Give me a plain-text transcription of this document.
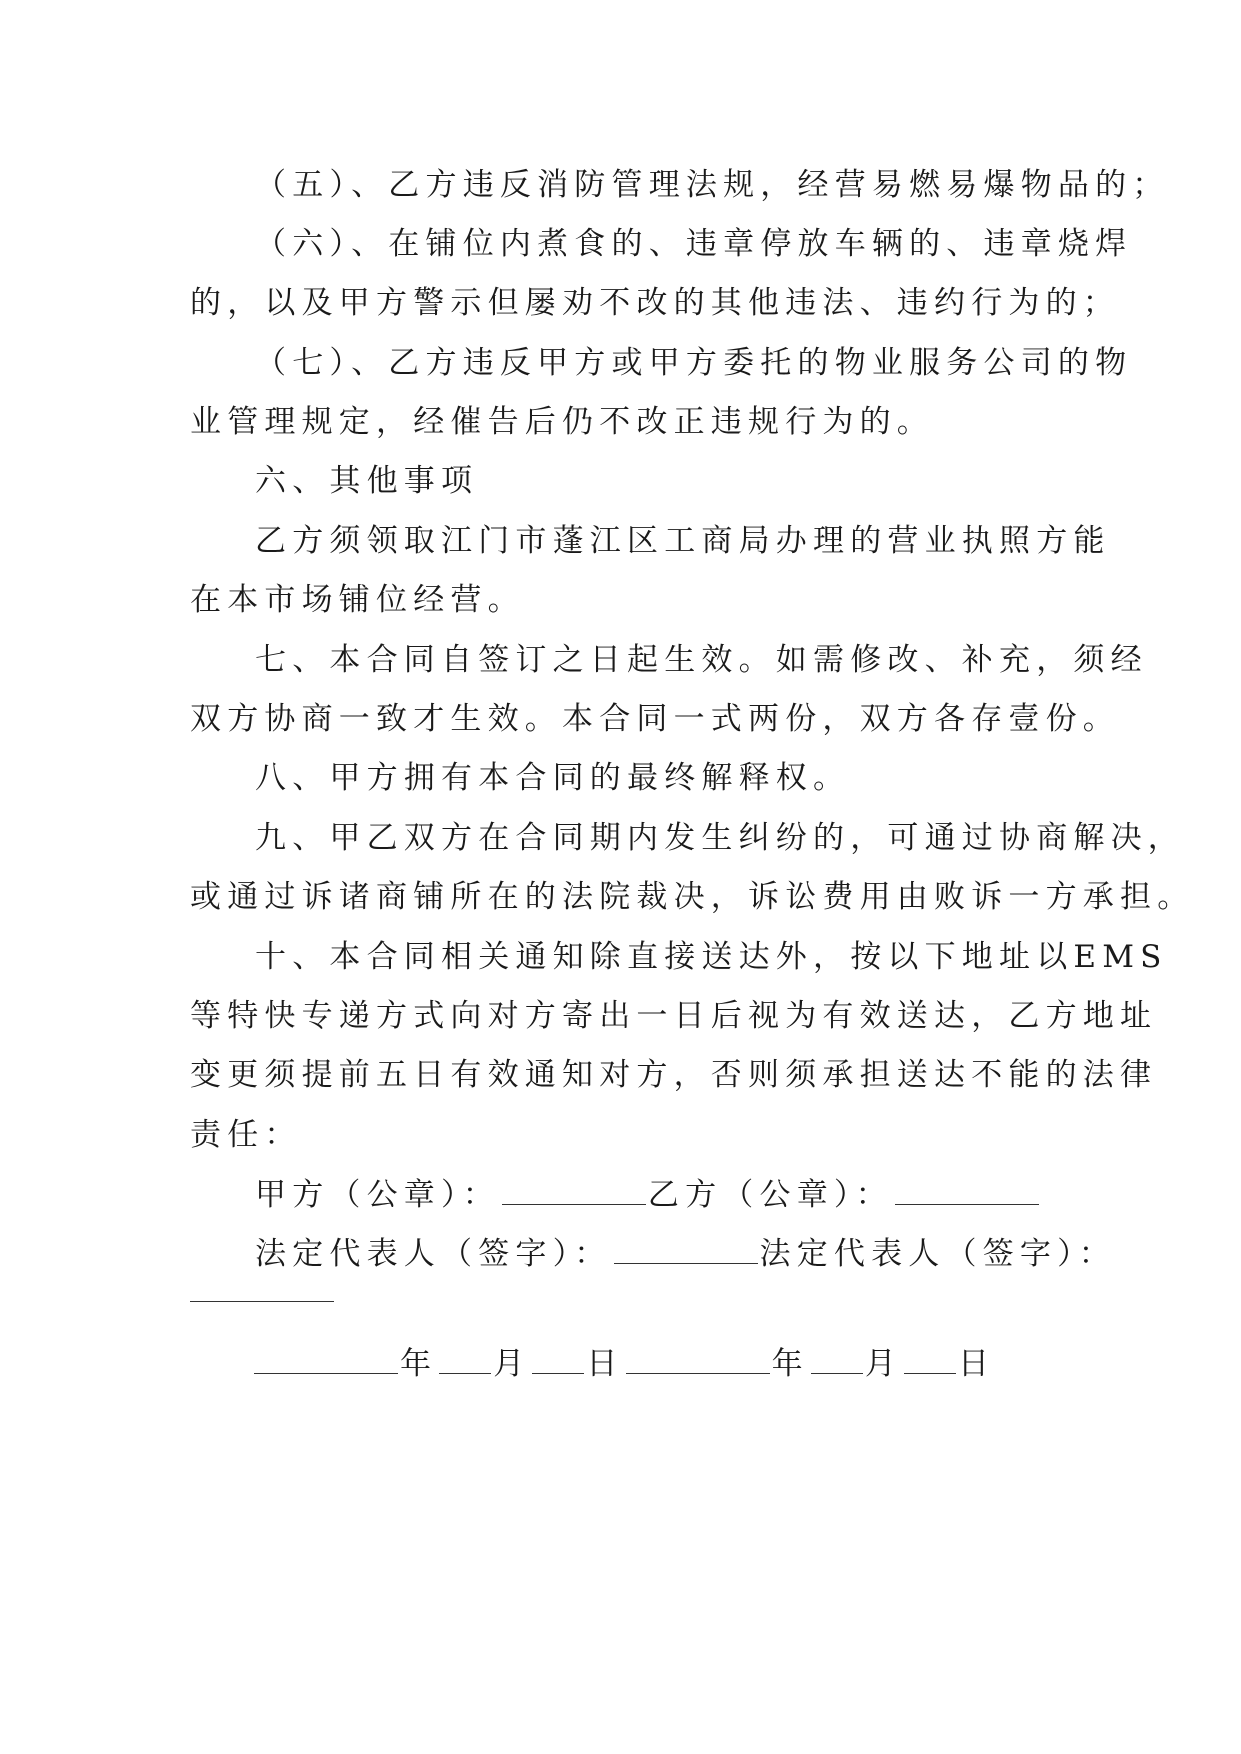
（五）、乙方违反消防管理法规，经营易燃易爆物品的；
（六）、在铺位内煮食的、违章停放车辆的、违章烧焊
的，以及甲方警示但屡劝不改的其他违法、违约行为的；
（七）、乙方违反甲方或甲方委托的物业服务公司的物
业管理规定，经催告后仍不改正违规行为的。
六、其他事项
乙方须领取江门市蓬江区工商局办理的营业执照方能
在本市场铺位经营。
七、本合同自签订之日起生效。如需修改、补充，须经
双方协商一致才生效。本合同一式两份，双方各存壹份。
八、甲方拥有本合同的最终解释权。
九、甲乙双方在合同期内发生纠纷的，可通过协商解决，
或通过诉诸商铺所在的法院裁决，诉讼费用由败诉一方承担。
十、本合同相关通知除直接送达外，按以下地址以EMS
等特快专递方式向对方寄出一日后视为有效送达，乙方地址
变更须提前五日有效通知对方，否则须承担送达不能的法律
责任：
甲方（公章）：	乙方（公章）：
法定代表人（签字）：	法定代表人（签字）：
年 月 日	年 月 日
